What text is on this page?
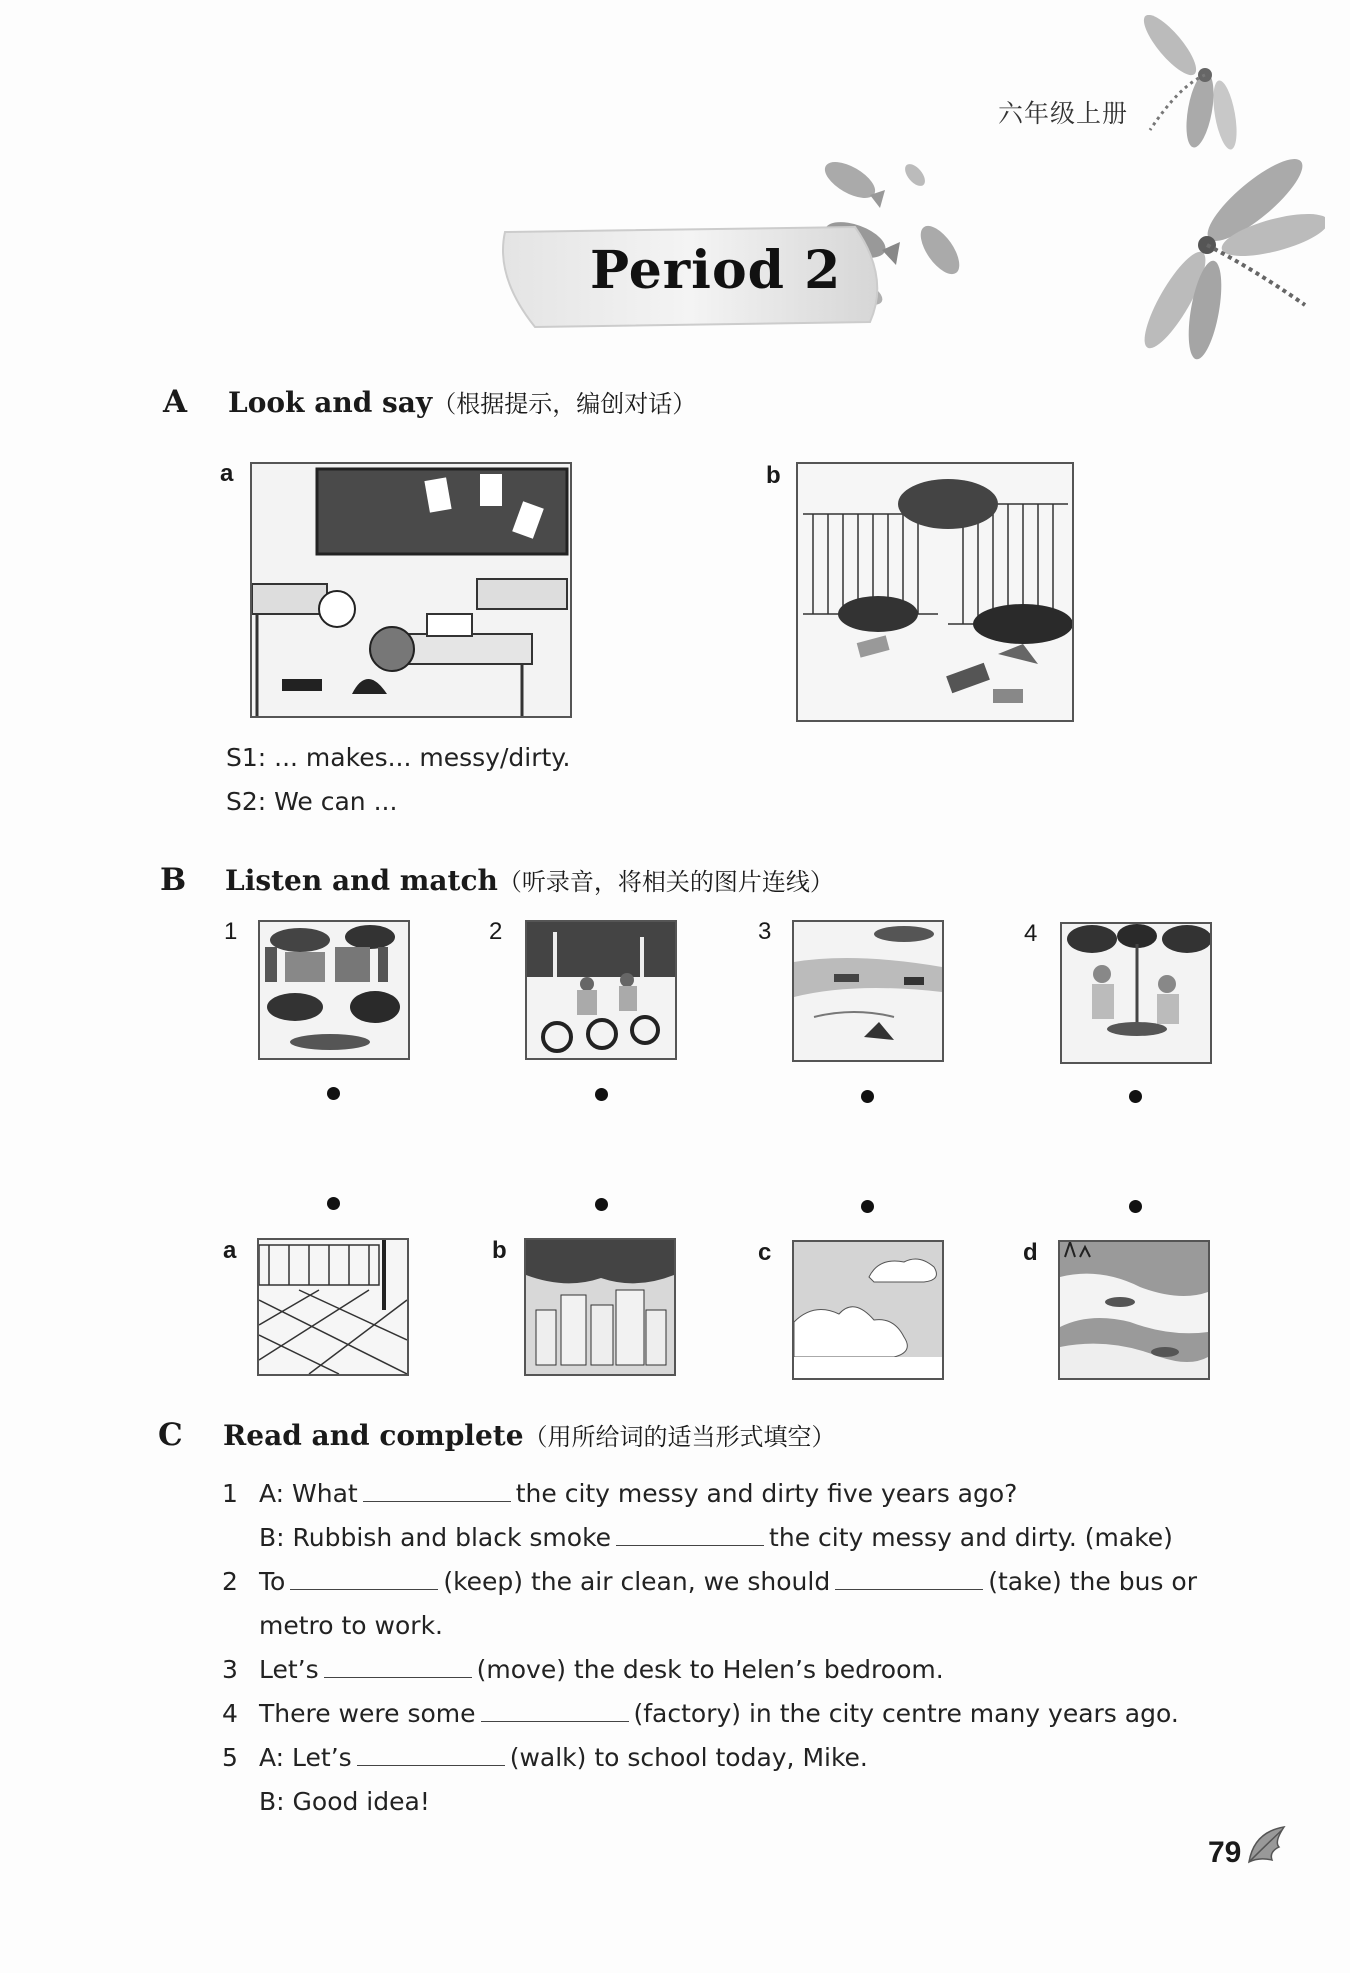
六年级上册
Period 2
A Look and say（根据提示，编创对话）
a	b
S1: ... makes... messy/dirty.
S2: We can ...
B Listen and match（听录音，将相关的图片连线）
1	2	3	4
a	b	c	d
C Read and complete（用所给词的适当形式填空）
1 A: What	the city messy and dirty five years ago?
B: Rubbish and black smoke	the city messy and dirty. (make)
2 To	(keep) the air clean, we should	(take) the bus or
metro to work.
3 Let’s	(move) the desk to Helen’s bedroom.
4 There were some	(factory) in the city centre many years ago.
5 A: Let’s	(walk) to school today, Mike.
B: Good idea!
79
